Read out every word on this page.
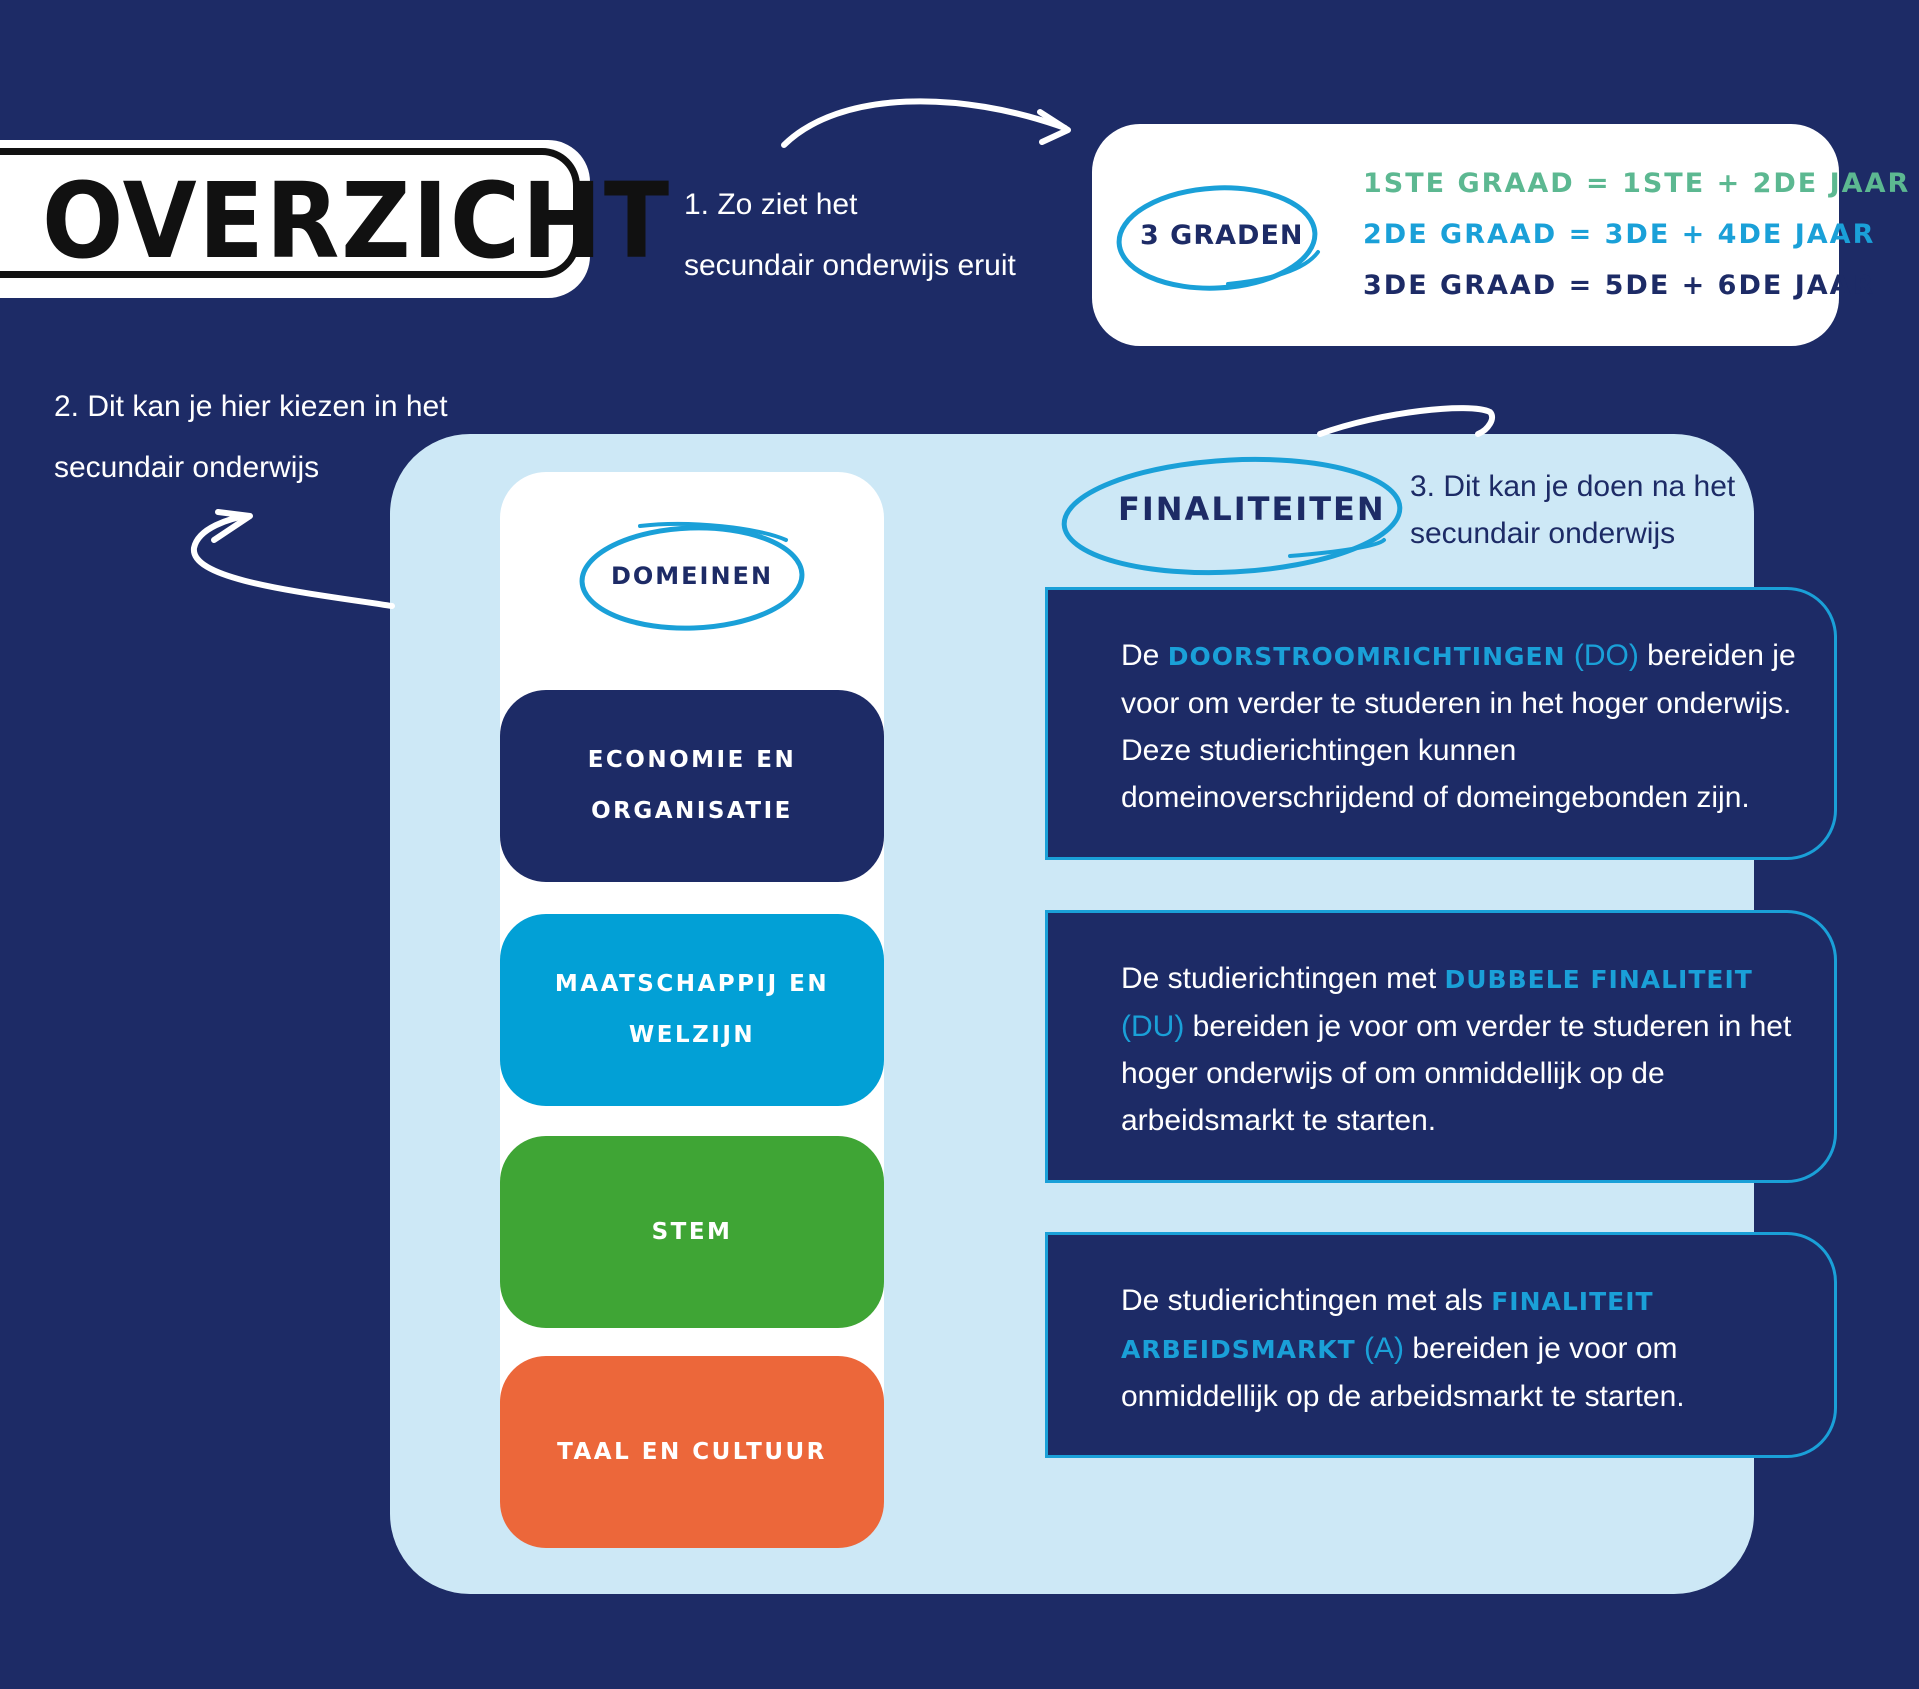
OVERZICHT 1. Zo ziet het
secundair onderwijs eruit
3 GRADEN
1STE GRAAD = 1STE + 2DE JAAR
2DE GRAAD = 3DE + 4DE JAAR
3DE GRAAD = 5DE + 6DE JAAR
2. Dit kan je hier kiezen in het
secundair onderwijs
DOMEINEN
ECONOMIE EN ORGANISATIE
MAATSCHAPPIJ EN WELZIJN
STEM
TAAL EN CULTUUR
FINALITEITEN
3. Dit kan je doen na het
secundair onderwijs
De DOORSTROOMRICHTINGEN (DO) bereiden je voor om verder te studeren in het hoger onderwijs. Deze studierichtingen kunnen domeinoverschrijdend of domeingebonden zijn.
De studierichtingen met DUBBELE FINALITEIT (DU) bereiden je voor om verder te studeren in het hoger onderwijs of om onmiddellijk op de arbeidsmarkt te starten.
De studierichtingen met als FINALITEIT ARBEIDSMARKT (A) bereiden je voor om onmiddellijk op de arbeidsmarkt te starten.
